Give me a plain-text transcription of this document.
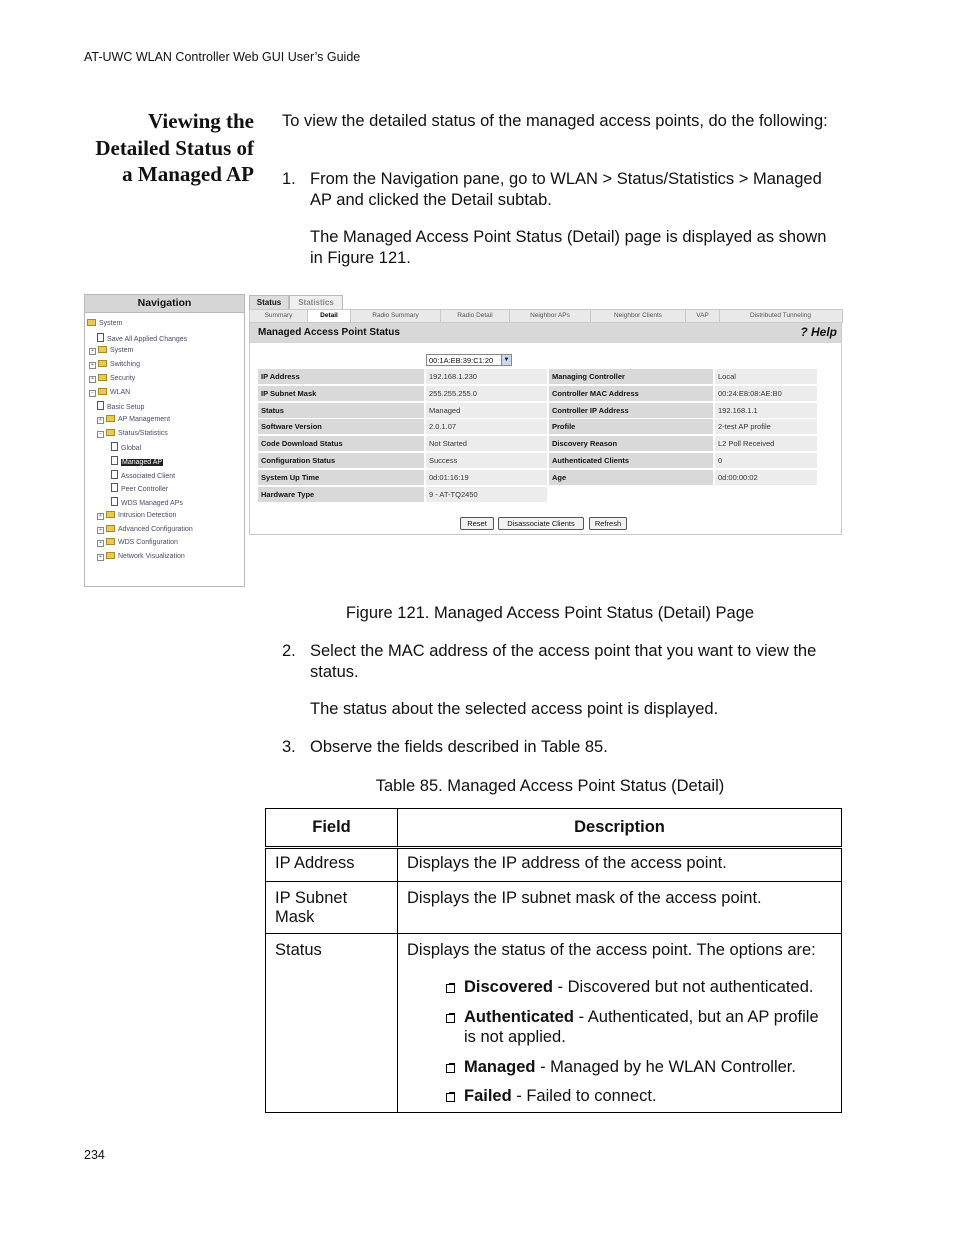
AT-UWC WLAN Controller Web GUI User’s Guide
Viewing the
Detailed Status of
a Managed AP
To view the detailed status of the managed access points, do the following:
1. From the Navigation pane, go to WLAN > Status/Statistics > Managed AP and clicked the Detail subtab.
The Managed Access Point Status (Detail) page is displayed as shown in Figure 121.
Navigation
System
Save All Applied Changes
+ System
+ Switching
+ Security
− WLAN
Basic Setup
+ AP Management
− Status/Statistics
Global
Managed AP
Associated Client
Peer Controller
WDS Managed APs
+ Intrusion Detection
+ Advanced Configuration
+ WDS Configuration
+ Network Visualization
Status	Statistics
Summary	Detail	Radio Summary	Radio Detail	Neighbor APs	Neighbor Clients	VAP	Distributed Tunneling
Managed Access Point Status	? Help
00:1A:EB:39:C1:20	▼
IP Address	192.168.1.230	Managing Controller	Local
IP Subnet Mask	255.255.255.0	Controller MAC Address	00:24:E8:08:AE:B0
Status	Managed	Controller IP Address	192.168.1.1
Software Version	2.0.1.07	Profile	2-test AP profile
Code Download Status	Not Started	Discovery Reason	L2 Poll Received
Configuration Status	Success	Authenticated Clients	0
System Up Time	0d:01:16:19	Age	0d:00:00:02
Hardware Type	9 - AT-TQ2450
Reset	Disassociate Clients	Refresh
Figure 121. Managed Access Point Status (Detail) Page
2. Select the MAC address of the access point that you want to view the status.
The status about the selected access point is displayed.
3. Observe the fields described in Table 85.
Table 85. Managed Access Point Status (Detail)
Field	Description

IP Address	Displays the IP address of the access point.

IP Subnet Mask	Displays the IP subnet mask of the access point.

Status	Displays the status of the access point. The options are:
Discovered - Discovered but not authenticated.
Authenticated - Authenticated, but an AP profile is not applied.
Managed - Managed by he WLAN Controller.
Failed - Failed to connect.
234
